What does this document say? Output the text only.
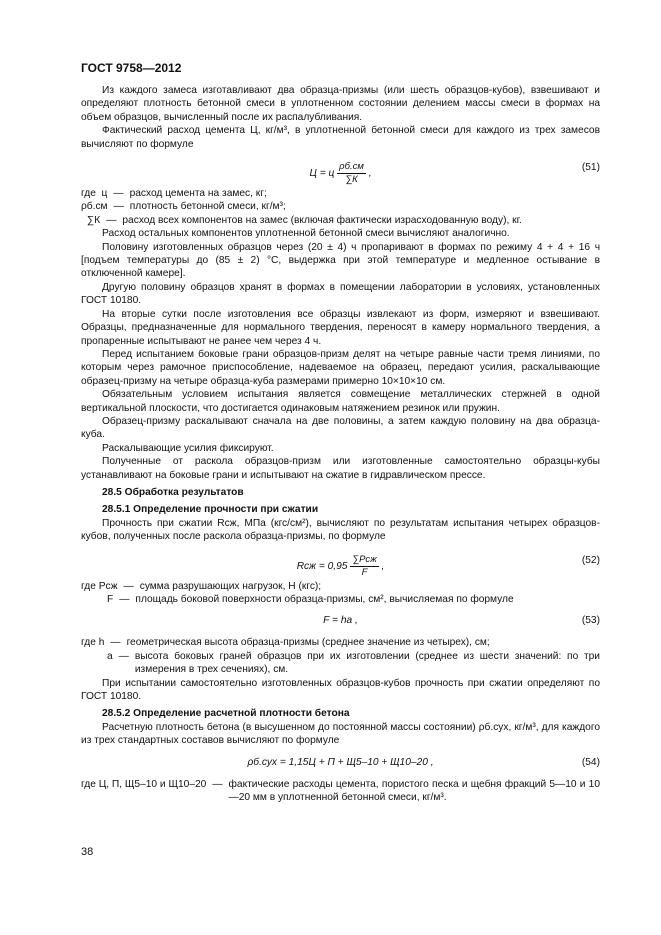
ГОСТ 9758—2012

Из каждого замеса изготавливают два образца-призмы (или шесть образцов-кубов), взвешивают и определяют плотность бетонной смеси в уплотненном состоянии делением массы смеси в формах на объем образцов, вычисленный после их распалубливания.

Фактический расход цемента Ц, кг/м³, в уплотненной бетонной смеси для каждого из трех замесов вычисляют по формуле

Ц = ц $\frac{\rho б.см}{\sum К}$ ,
(51)
где ц — расход цемента на замес, кг;
ρб.см — плотность бетонной смеси, кг/м³;
∑К — расход всех компонентов на замес (включая фактически израсходованную воду), кг.

Расход остальных компонентов уплотненной бетонной смеси вычисляют аналогично.

Половину изготовленных образцов через (20 ± 4) ч пропаривают в формах по режиму 4 + 4 + 16 ч [подъем температуры до (85 ± 2) °С, выдержка при этой температуре и медленное остывание в отключенной камере].

Другую половину образцов хранят в формах в помещении лаборатории в условиях, установленных ГОСТ 10180.

На вторые сутки после изготовления все образцы извлекают из форм, измеряют и взвешивают. Образцы, предназначенные для нормального твердения, переносят в камеру нормального твердения, а пропаренные испытывают не ранее чем через 4 ч.

Перед испытанием боковые грани образцов-призм делят на четыре равные части тремя линиями, по которым через рамочное приспособление, надеваемое на образец, передают усилия, раскалывающие образец-призму на четыре образца-куба размерами примерно 10×10×10 см.

Обязательным условием испытания является совмещение металлических стержней в одной вертикальной плоскости, что достигается одинаковым натяжением резинок или пружин.

Образец-призму раскалывают сначала на две половины, а затем каждую половину на два образца-куба.

Раскалывающие усилия фиксируют.

Полученные от раскола образцов-призм или изготовленные самостоятельно образцы-кубы устанавливают на боковые грани и испытывают на сжатие в гидравлическом прессе.

28.5 Обработка результатов

28.5.1 Определение прочности при сжатии

Прочность при сжатии Rсж, МПа (кгс/см²), вычисляют по результатам испытания четырех образцов-кубов, полученных после раскола образца-призмы, по формуле

Rсж = $0,95 \frac{\text{∑Pсж}}{F}$ ,
(52)
где Pсж — сумма разрушающих нагрузок, Н (кгс);
F — площадь боковой поверхности образца-призмы, см², вычисляемая по формуле
F = ha ,	(53)
где h — геометрическая высота образца-призмы (среднее значение из четырех), см;
a — высота боковых граней образцов при их изготовлении (среднее из шести значений: по три измерения в трех сечениях), см.

При испытании самостоятельно изготовленных образцов-кубов прочность при сжатии определяют по ГОСТ 10180.

28.5.2 Определение расчетной плотности бетона

Расчетную плотность бетона (в высушенном до постоянной массы состоянии) ρб.сух, кг/м³, для каждого из трех стандартных составов вычисляют по формуле

ρб.сух = 1,15Ц + П + Щ5–10 + Щ10–20 ,	(54)
где Ц, П, Щ5–10 и Щ10–20 — фактические расходы цемента, пористого песка и щебня фракций 5—10 и 10—20 мм в уплотненной бетонной смеси, кг/м³.
38
